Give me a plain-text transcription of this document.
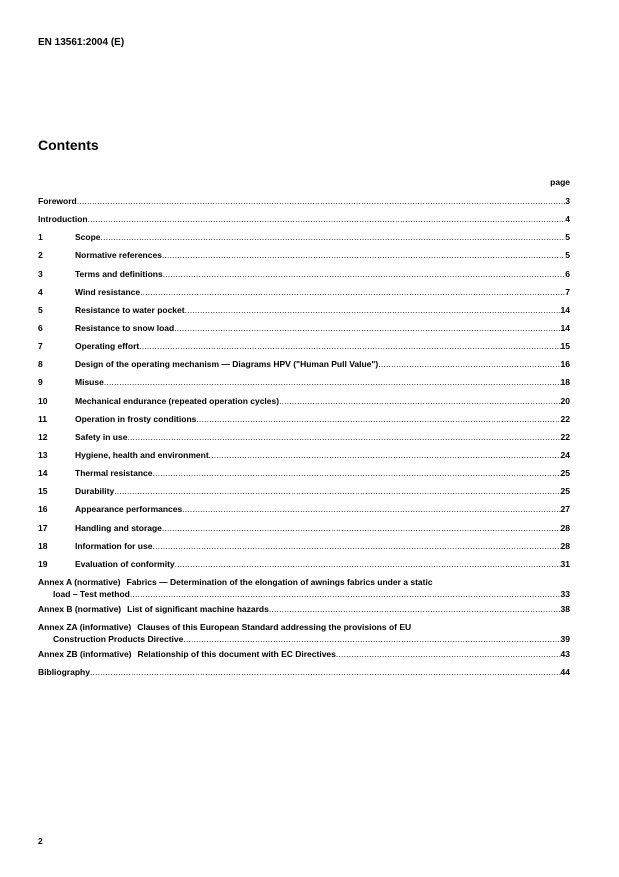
EN 13561:2004 (E)
Contents
page
Foreword .....	3
Introduction .....	4
1	Scope .....	5
2	Normative references .....	5
3	Terms and definitions .....	6
4	Wind resistance .....	7
5	Resistance to water pocket .....	14
6	Resistance to snow load .....	14
7	Operating effort .....	15
8	Design of the operating mechanism — Diagrams HPV ("Human Pull Value") .....	16
9	Misuse .....	18
10	Mechanical endurance (repeated operation cycles) .....	20
11	Operation in frosty conditions .....	22
12	Safety in use .....	22
13	Hygiene, health and environment .....	24
14	Thermal resistance .....	25
15	Durability .....	25
16	Appearance performances .....	27
17	Handling and storage .....	28
18	Information for use .....	28
19	Evaluation of conformity .....	31
Annex A (normative) Fabrics — Determination of the elongation of awnings fabrics under a static
load – Test method .....	33
Annex B (normative) List of significant machine hazards .....	38
Annex ZA (informative) Clauses of this European Standard addressing the provisions of EU
Construction Products Directive .....	39
Annex ZB (informative) Relationship of this document with EC Directives .....	43
Bibliography .....	44
2
